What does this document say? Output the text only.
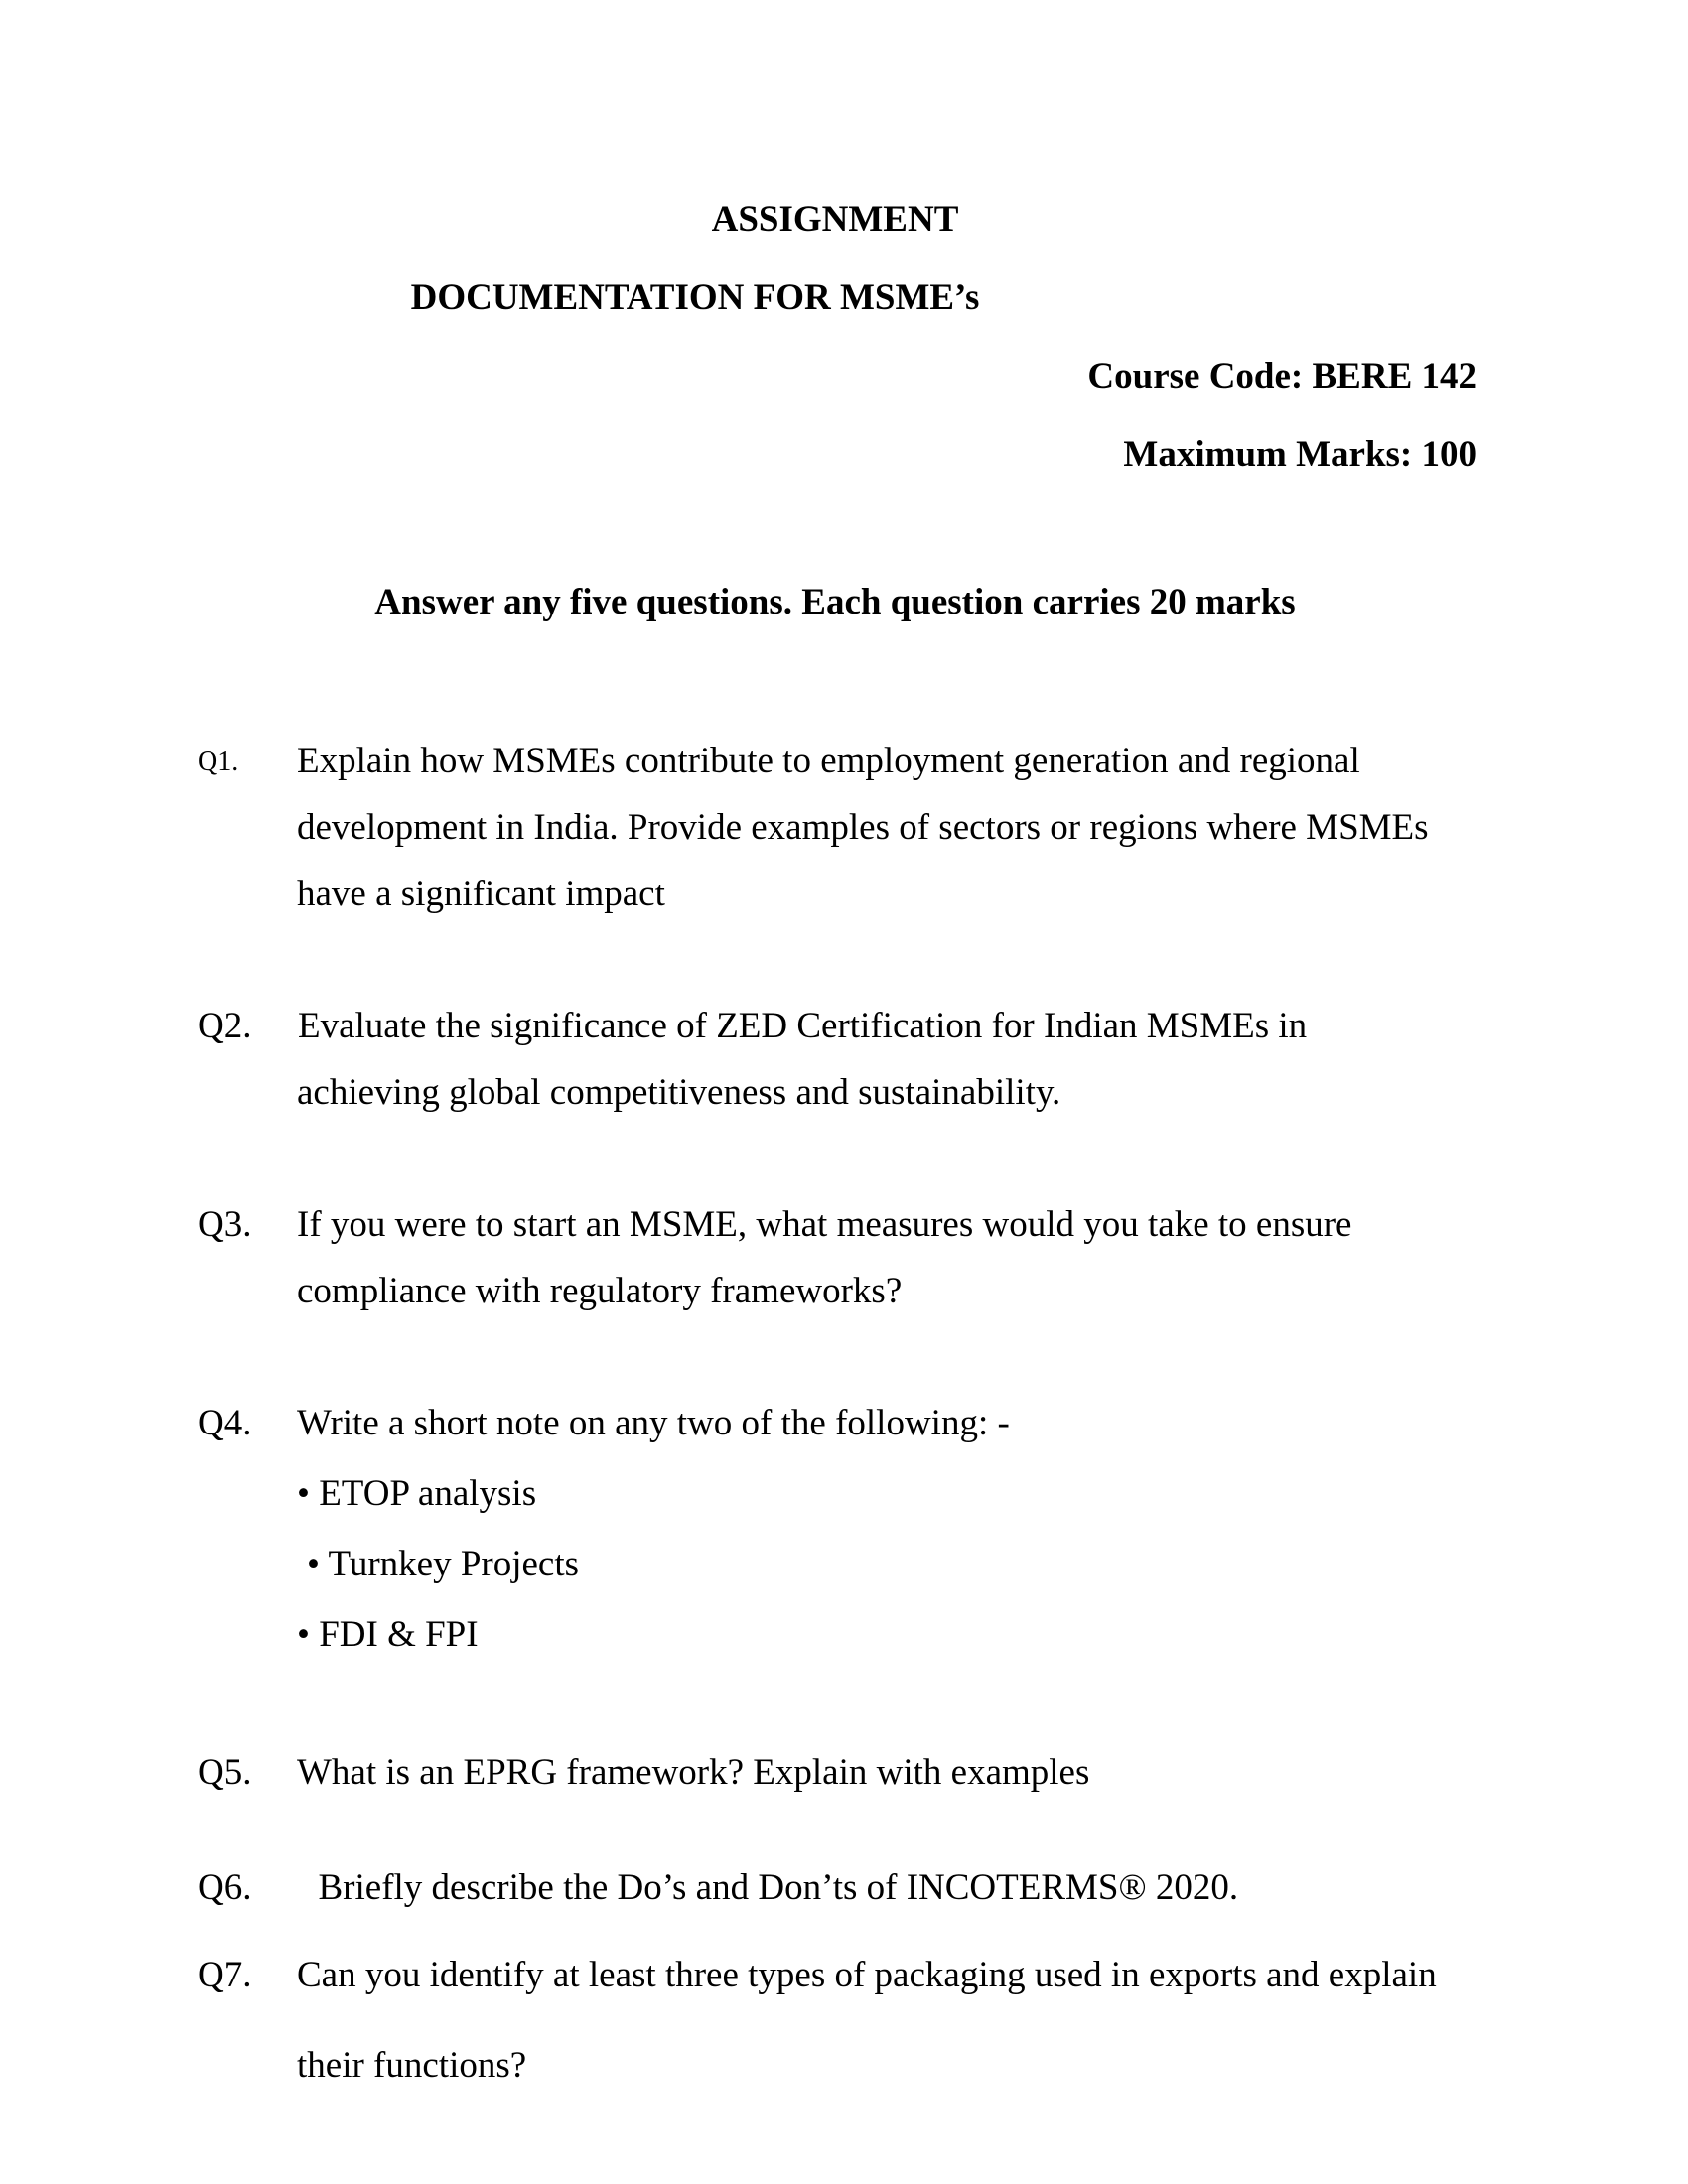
ASSIGNMENT
DOCUMENTATION FOR MSME’s
Course Code: BERE 142
Maximum Marks: 100
Answer any five questions. Each question carries 20 marks
Q1. Explain how MSMEs contribute to employment generation and regional
development in India. Provide examples of sectors or regions where MSMEs
have a significant impact
Q2. Evaluate the significance of ZED Certification for Indian MSMEs in
achieving global competitiveness and sustainability.
Q3. If you were to start an MSME, what measures would you take to ensure
compliance with regulatory frameworks?
Q4. Write a short note on any two of the following: -
• ETOP analysis
• Turnkey Projects
• FDI & FPI
Q5. What is an EPRG framework? Explain with examples
Q6. Briefly describe the Do’s and Don’ts of INCOTERMS® 2020.
Q7. Can you identify at least three types of packaging used in exports and explain
their functions?
